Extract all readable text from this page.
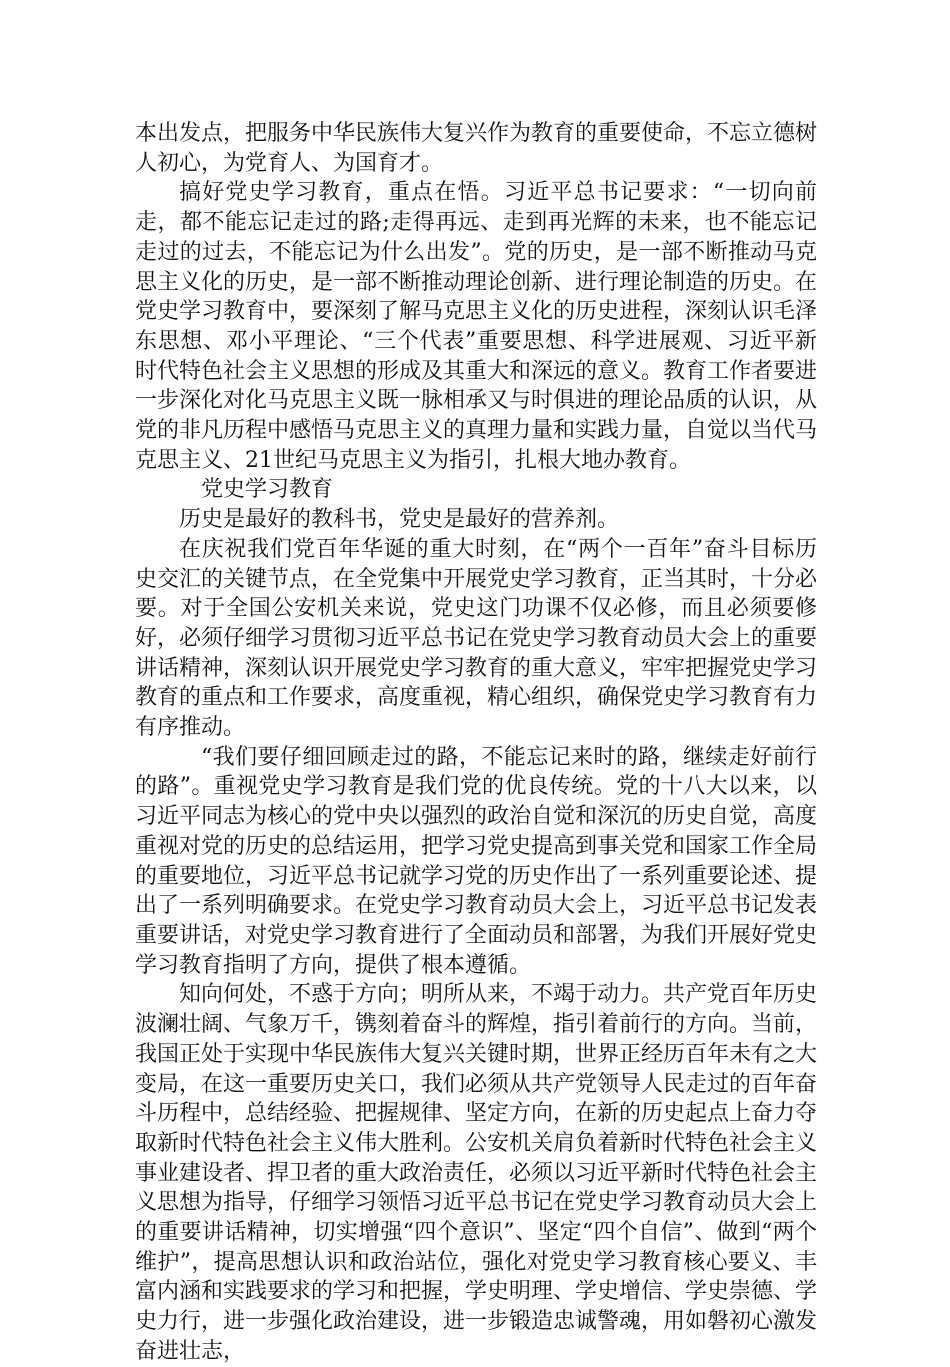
本出发点，把服务中华民族伟大复兴作为教育的重要使命，不忘立德树人初心，为党育人、为国育才。

搞好党史学习教育，重点在悟。习近平总书记要求：“一切向前走，都不能忘记走过的路;走得再远、走到再光辉的未来，也不能忘记走过的过去，不能忘记为什么出发”。党的历史，是一部不断推动马克思主义化的历史，是一部不断推动理论创新、进行理论制造的历史。在党史学习教育中，要深刻了解马克思主义化的历史进程，深刻认识毛泽东思想、邓小平理论、“三个代表”重要思想、科学进展观、习近平新时代特色社会主义思想的形成及其重大和深远的意义。教育工作者要进一步深化对化马克思主义既一脉相承又与时俱进的理论品质的认识，从党的非凡历程中感悟马克思主义的真理力量和实践力量，自觉以当代马克思主义、21世纪马克思主义为指引，扎根大地办教育。

党史学习教育

历史是最好的教科书，党史是最好的营养剂。

在庆祝我们党百年华诞的重大时刻，在“两个一百年”奋斗目标历史交汇的关键节点，在全党集中开展党史学习教育，正当其时，十分必要。对于全国公安机关来说，党史这门功课不仅必修，而且必须要修好，必须仔细学习贯彻习近平总书记在党史学习教育动员大会上的重要讲话精神，深刻认识开展党史学习教育的重大意义，牢牢把握党史学习教育的重点和工作要求，高度重视，精心组织，确保党史学习教育有力有序推动。

“我们要仔细回顾走过的路，不能忘记来时的路，继续走好前行的路”。重视党史学习教育是我们党的优良传统。党的十八大以来，以习近平同志为核心的党中央以强烈的政治自觉和深沉的历史自觉，高度重视对党的历史的总结运用，把学习党史提高到事关党和国家工作全局的重要地位，习近平总书记就学习党的历史作出了一系列重要论述、提出了一系列明确要求。在党史学习教育动员大会上，习近平总书记发表重要讲话，对党史学习教育进行了全面动员和部署，为我们开展好党史学习教育指明了方向，提供了根本遵循。

知向何处，不惑于方向；明所从来，不竭于动力。共产党百年历史波澜壮阔、气象万千，镌刻着奋斗的辉煌，指引着前行的方向。当前，我国正处于实现中华民族伟大复兴关键时期，世界正经历百年未有之大变局，在这一重要历史关口，我们必须从共产党领导人民走过的百年奋斗历程中，总结经验、把握规律、坚定方向，在新的历史起点上奋力夺取新时代特色社会主义伟大胜利。公安机关肩负着新时代特色社会主义事业建设者、捍卫者的重大政治责任，必须以习近平新时代特色社会主义思想为指导，仔细学习领悟习近平总书记在党史学习教育动员大会上的重要讲话精神，切实增强“四个意识”、坚定“四个自信”、做到“两个维护”，提高思想认识和政治站位，强化对党史学习教育核心要义、丰富内涵和实践要求的学习和把握，学史明理、学史增信、学史崇德、学史力行，进一步强化政治建设，进一步锻造忠诚警魂，用如磐初心激发奋进壮志，
